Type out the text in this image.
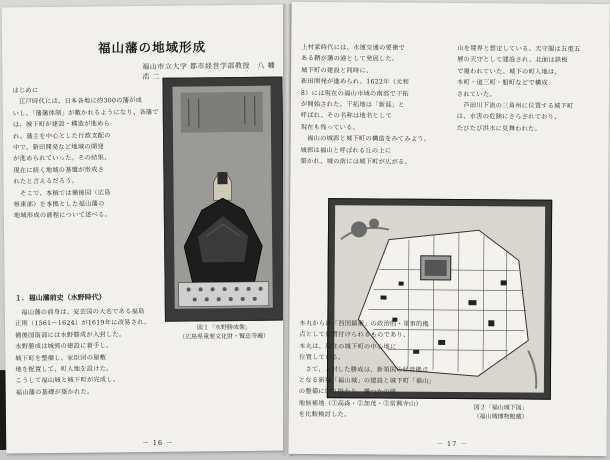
福山藩の地域形成
福山市立大学 都市経営学部教授　八 幡 浩 二
はじめに
　江戸時代には、日本各地に約300の藩が成
いし、「藩藩体制」が敷かれるようになり、各藩で
は、城下町が建設・構造が進めら
れ、藩主を中心とした行政支配の
中で、新田開発など地域の開発
が進められていった。その結果、
現在に続く地域の基盤が形成さ
れたと言えるだろう。
　そこで、本稿では備後国（広島
県東部）を本拠とした福山藩の
地域形成の過程について述べる。
１．福山藩前史（水野時代）
　福山藩の前身は、安芸国の大名である福島
正則（1561～1624）が1619年に改易され、
備後国南部には水野勝成が入封した。
水野勝成は城郭の建設に着手し、
城下町を整備し、家臣団の屋敷
地を配置して、町人地を設けた。
こうして福山城と城下町が完成し、
福山藩の基礎が築かれた。
図１「水野勝成像」
（広島県重要文化財・賢忠寺蔵）
－ 16 －
上村家時代には、水運交通の要衝で
ある鞆が藩の港として発展した。
城下町の建設と同時に、
新田開発が進められ、1622年（元和
8）には現在の福山市域の南部で干拓
が開始された。干拓地は「新涯」と
呼ばれ、その名称は地名として
現在も残っている。
　福山の城郭と城下町の構造をみてみよう。
城郭は福山と呼ばれる丘の上に
築かれ、城の南には城下町が広がる。
山を境界と想定している。天守閣は五重五
層の天守として建設され、北面は鉄板
で覆われていた。城下の町人地は、
本町・道三町・船町などで構成
されていた。
　芦田川下流の三角州に位置する城下町
は、水害の危険にさらされており、
たびたび洪水に見舞われた。
本丸からは「西国鎮衛」の政治的・軍事的拠
点として位置付けられるものであり、
本丸は、現在の城下町の中心地に
位置している。
　さて、入封した勝成は、新領国の経営拠点
となる新城「福山城」の建設と城下町「福山」
の整備に取り掛かり、幾つかの城
地候補地（①高森・②加茂・③常興寺山）
を比較検討した。
図２「福山城下図」
（福山城博物館蔵）
－ 17 －
